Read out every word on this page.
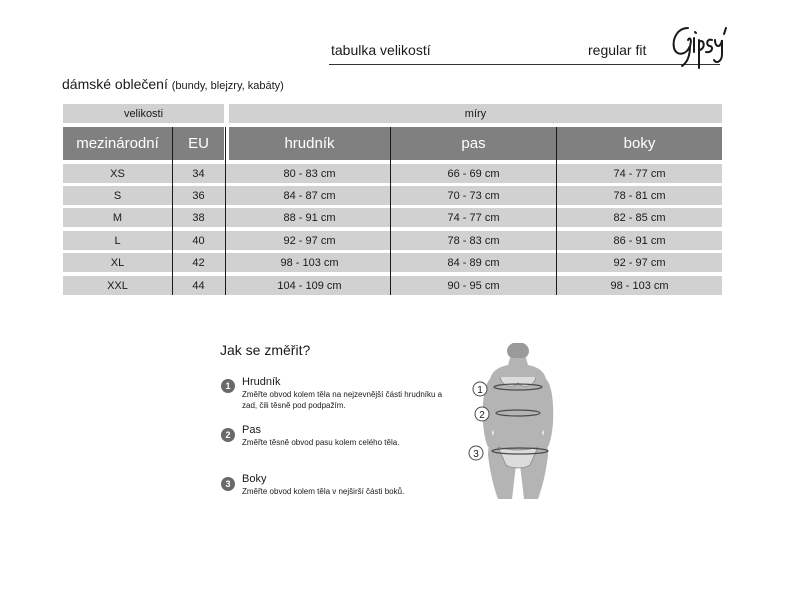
tabulka velikostí	regular fit
dámské oblečení (bundy, blejzry, kabáty)
velikosti	míry
mezinárodní	EU	hrudník	pas	boky
XS	34	80 - 83 cm	66 - 69 cm	74 - 77 cm
S	36	84 - 87 cm	70 - 73 cm	78 - 81 cm
M	38	88 - 91 cm	74 - 77 cm	82 - 85 cm
L	40	92 - 97 cm	78 - 83 cm	86 - 91 cm
XL	42	98 - 103 cm	84 - 89 cm	92 - 97 cm
XXL	44	104 - 109 cm	90 - 95 cm	98 - 103 cm
Jak se změřit?
1	Hrudník
Změřte obvod kolem těla na nejzevnější části hrudníku a zad, čili těsně pod podpažím.
2	Pas
Změřte těsně obvod pasu kolem celého těla.
3	Boky
Změřte obvod kolem těla v nejširší části boků.
1
2
3
